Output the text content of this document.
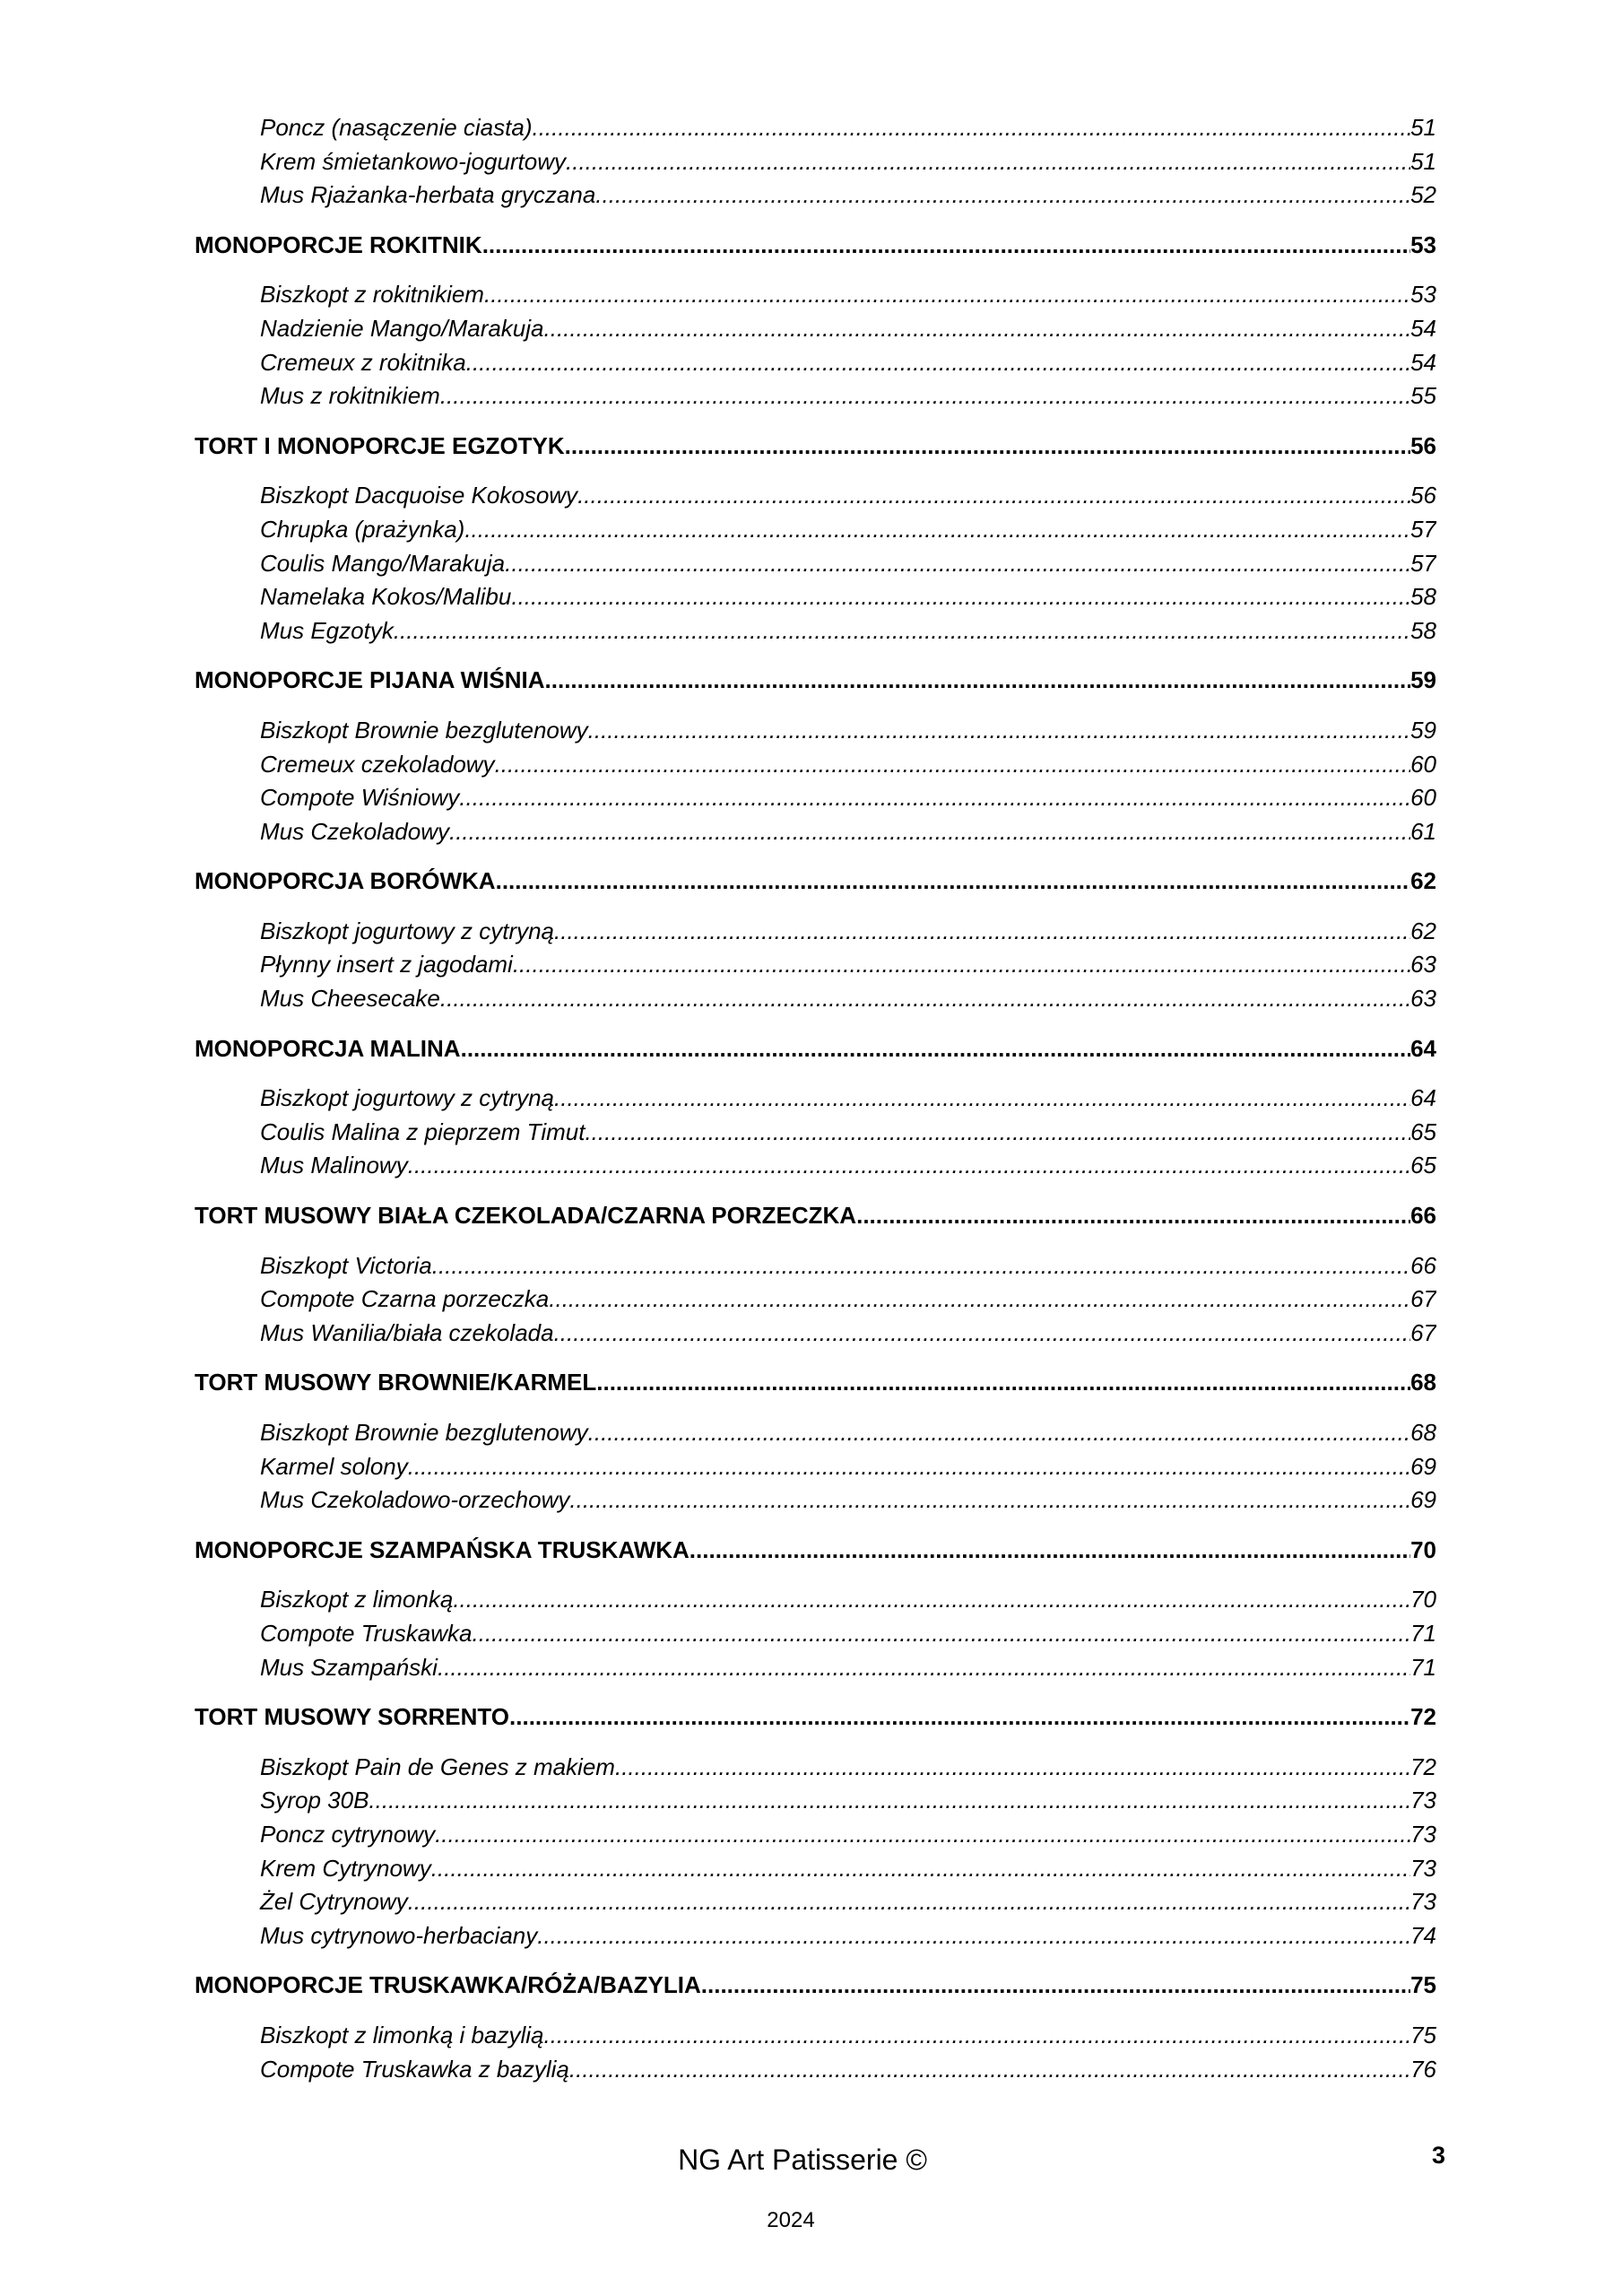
Poncz (nasączenie ciasta) .....	51
Krem śmietankowo-jogurtowy .....	51
Mus Rjażanka-herbata gryczana .....	52
MONOPORCJE ROKITNIK .....	53
Biszkopt z rokitnikiem .....	53
Nadzienie Mango/Marakuja .....	54
Cremeux z rokitnika .....	54
Mus z rokitnikiem .....	55
TORT I MONOPORCJE EGZOTYK .....	56
Biszkopt Dacquoise Kokosowy .....	56
Chrupka (prażynka) .....	57
Coulis Mango/Marakuja .....	57
Namelaka Kokos/Malibu .....	58
Mus Egzotyk .....	58
MONOPORCJE PIJANA WIŚNIA .....	59
Biszkopt Brownie bezglutenowy .....	59
Cremeux czekoladowy .....	60
Compote Wiśniowy .....	60
Mus Czekoladowy .....	61
MONOPORCJA BORÓWKA .....	62
Biszkopt jogurtowy z cytryną .....	62
Płynny insert z jagodami .....	63
Mus Cheesecake .....	63
MONOPORCJA MALINA .....	64
Biszkopt jogurtowy z cytryną .....	64
Coulis Malina z pieprzem Timut .....	65
Mus Malinowy .....	65
TORT MUSOWY BIAŁA CZEKOLADA/CZARNA PORZECZKA .....	66
Biszkopt Victoria .....	66
Compote Czarna porzeczka .....	67
Mus Wanilia/biała czekolada .....	67
TORT MUSOWY BROWNIE/KARMEL .....	68
Biszkopt Brownie bezglutenowy .....	68
Karmel solony .....	69
Mus Czekoladowo-orzechowy .....	69
MONOPORCJE SZAMPAŃSKA TRUSKAWKA .....	70
Biszkopt z limonką .....	70
Compote Truskawka .....	71
Mus Szampański .....	71
TORT MUSOWY SORRENTO .....	72
Biszkopt Pain de Genes z makiem .....	72
Syrop 30B .....	73
Poncz cytrynowy .....	73
Krem Cytrynowy .....	73
Żel Cytrynowy .....	73
Mus cytrynowo-herbaciany .....	74
MONOPORCJE TRUSKAWKA/RÓŻA/BAZYLIA .....	75
Biszkopt z limonką i bazylią .....	75
Compote Truskawka z bazylią .....	76
NG Art Patisserie ©	3
2024
